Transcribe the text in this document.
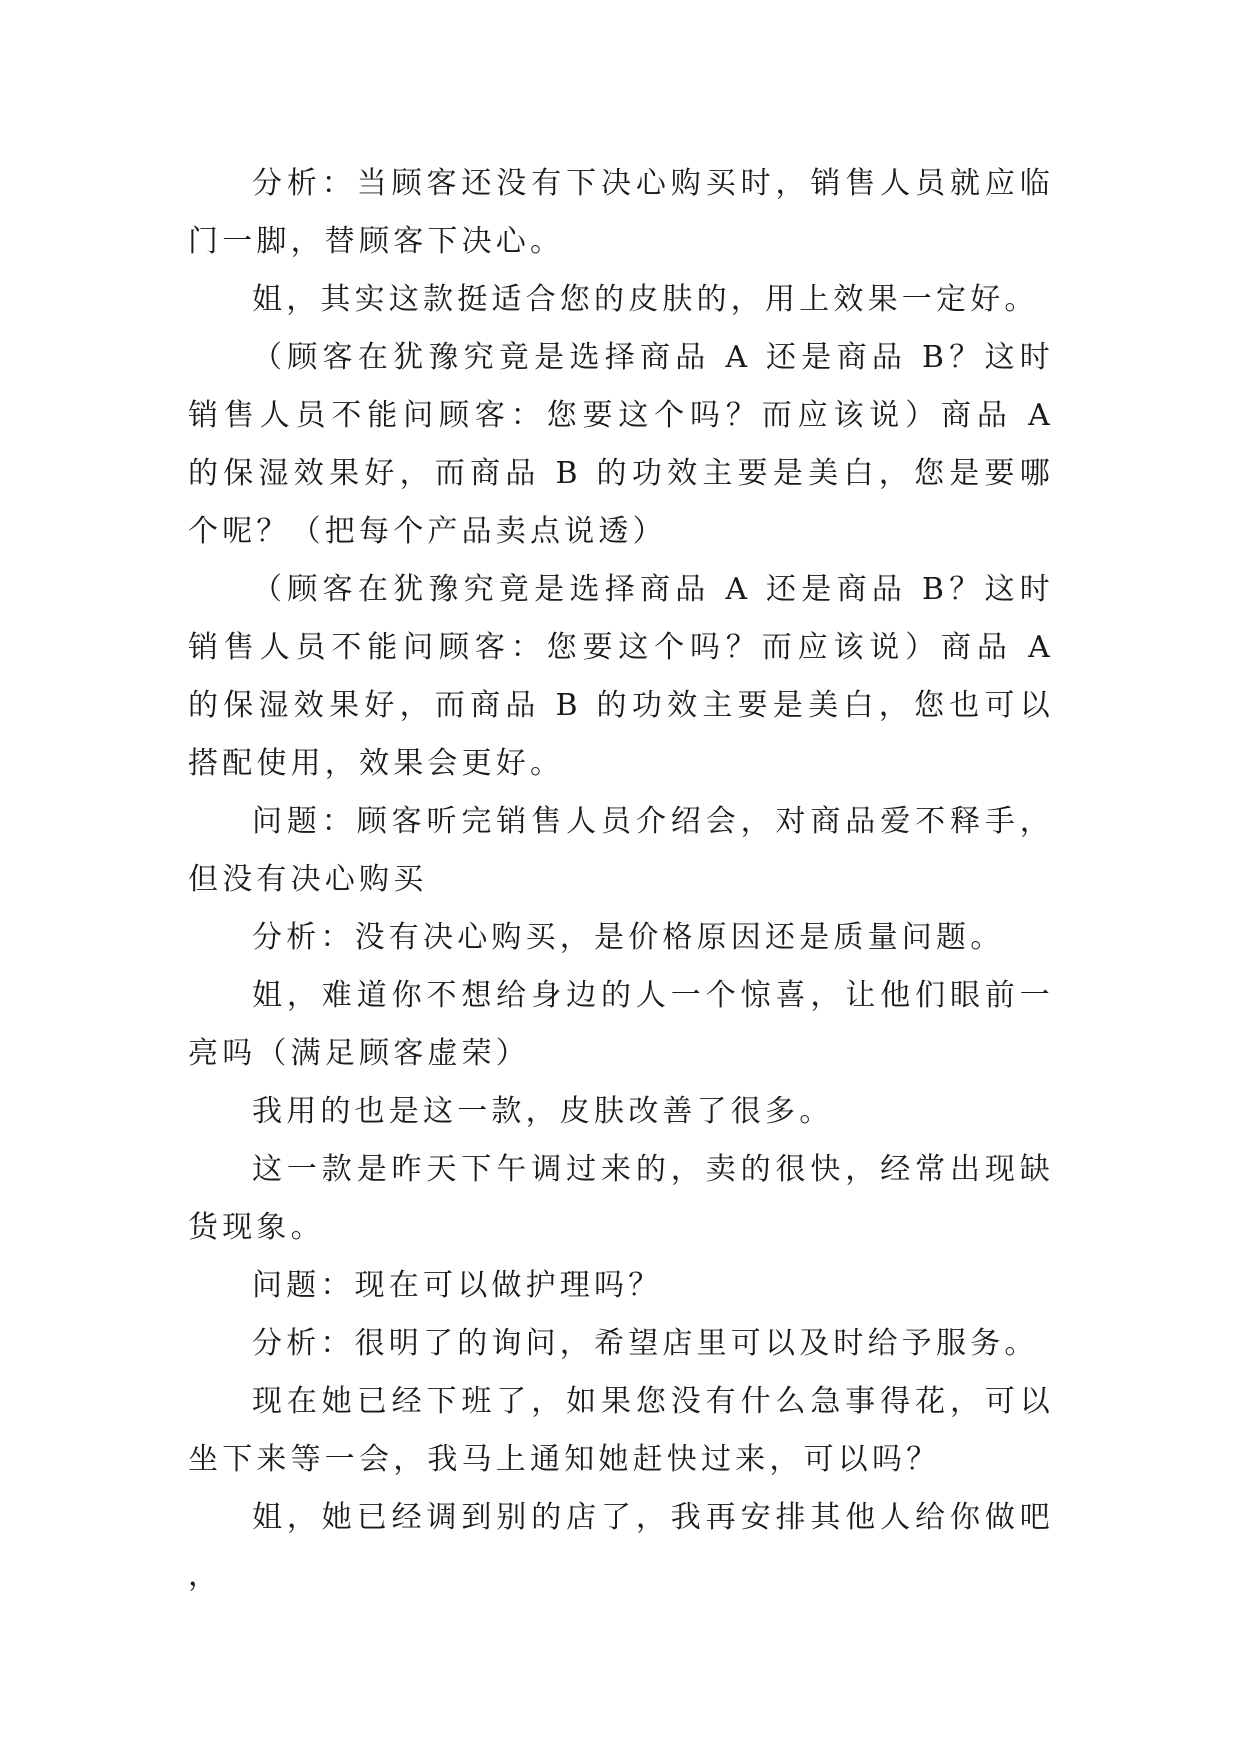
分析：当顾客还没有下决心购买时，销售人员就应临门一脚，替顾客下决心。

姐，其实这款挺适合您的皮肤的，用上效果一定好。

（顾客在犹豫究竟是选择商品 A 还是商品 B？这时销售人员不能问顾客：您要这个吗？而应该说）商品 A 的保湿效果好，而商品 B 的功效主要是美白，您是要哪个呢？（把每个产品卖点说透）

（顾客在犹豫究竟是选择商品 A 还是商品 B？这时销售人员不能问顾客：您要这个吗？而应该说）商品 A 的保湿效果好，而商品 B 的功效主要是美白，您也可以搭配使用，效果会更好。

问题：顾客听完销售人员介绍会，对商品爱不释手，但没有决心购买

分析：没有决心购买，是价格原因还是质量问题。

姐，难道你不想给身边的人一个惊喜，让他们眼前一亮吗（满足顾客虚荣）

我用的也是这一款，皮肤改善了很多。

这一款是昨天下午调过来的，卖的很快，经常出现缺货现象。

问题：现在可以做护理吗？

分析：很明了的询问，希望店里可以及时给予服务。

现在她已经下班了，如果您没有什么急事得花，可以坐下来等一会，我马上通知她赶快过来，可以吗？

姐，她已经调到别的店了，我再安排其他人给你做吧，
